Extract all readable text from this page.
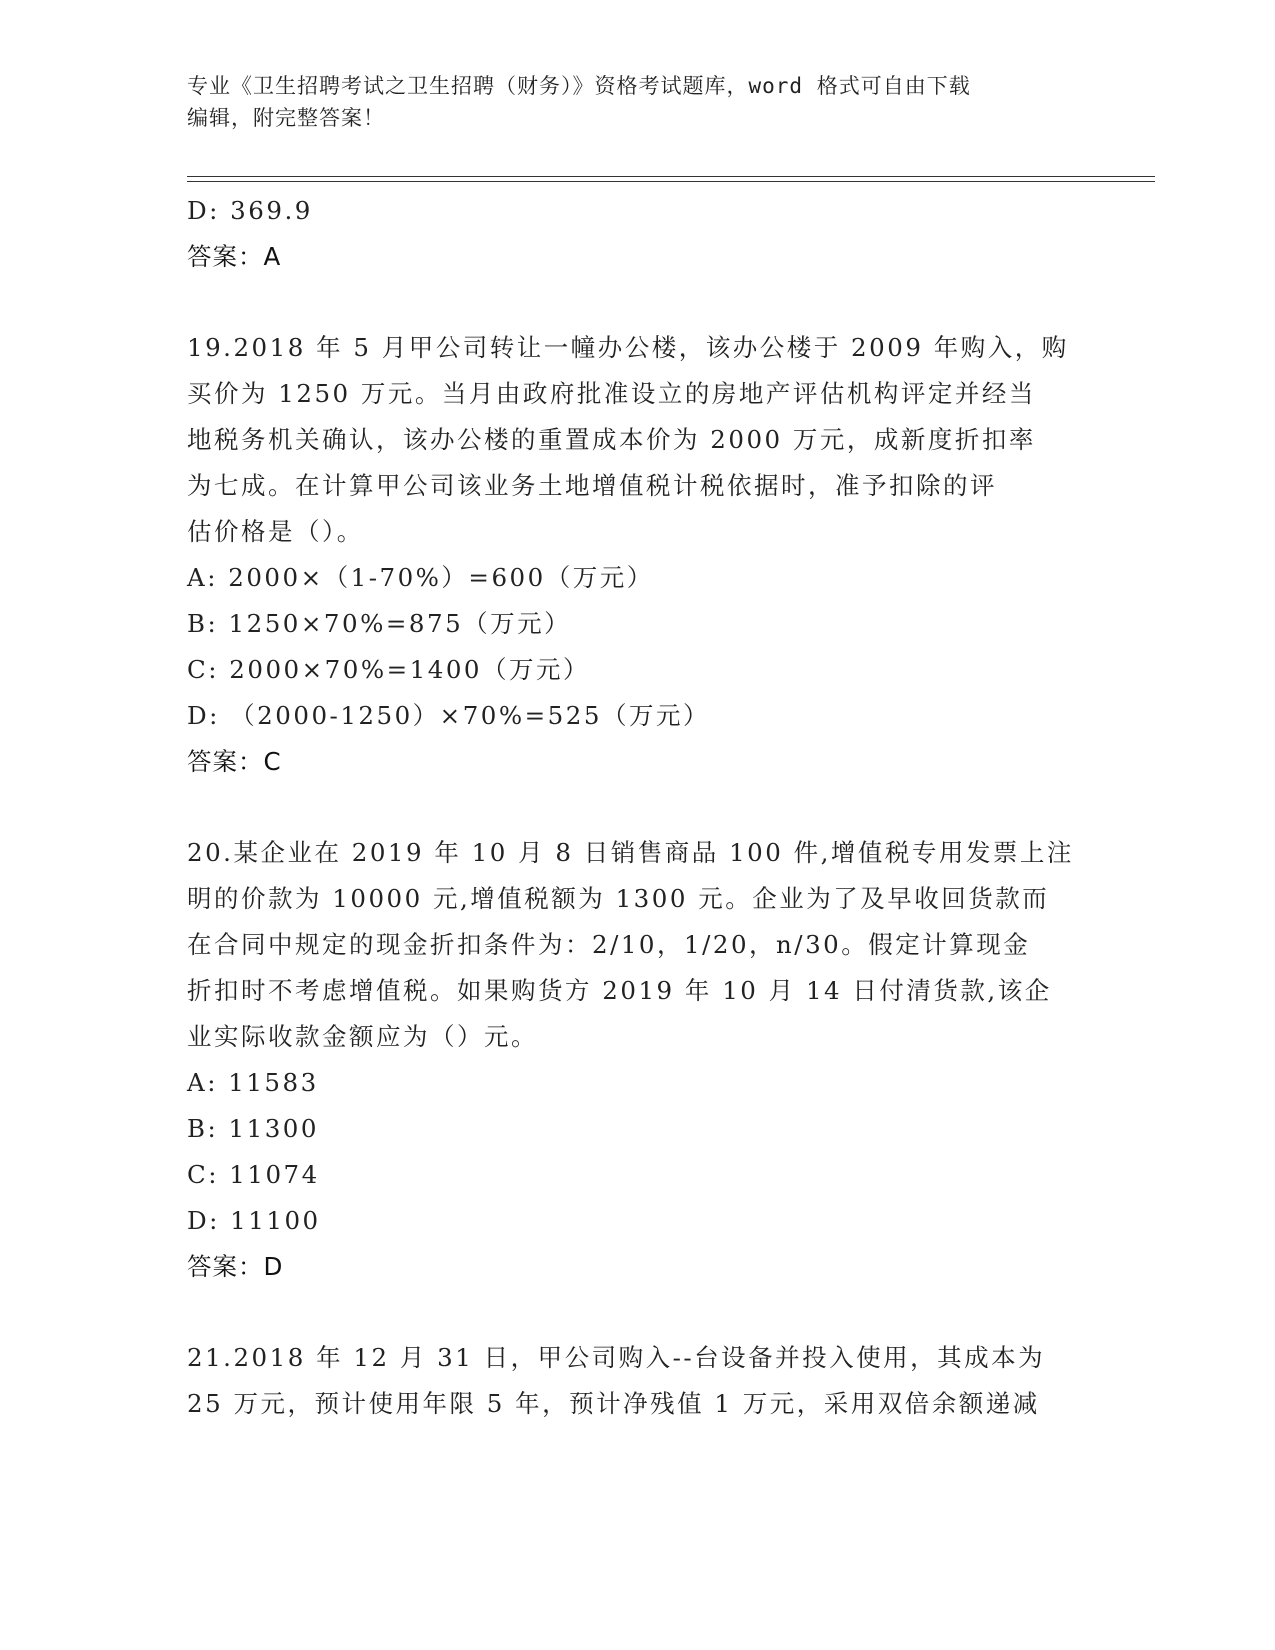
专业《卫生招聘考试之卫生招聘（财务）》资格考试题库，word 格式可自由下载
编辑，附完整答案！
D: 369.9
答案：A
19.2018 年 5 月甲公司转让一幢办公楼，该办公楼于 2009 年购入，购
买价为 1250 万元。当月由政府批准设立的房地产评估机构评定并经当
地税务机关确认，该办公楼的重置成本价为 2000 万元，成新度折扣率
为七成。在计算甲公司该业务土地增值税计税依据时，准予扣除的评
估价格是（）。
A: 2000×（1-70%）=600（万元）
B: 1250×70%=875（万元）
C: 2000×70%=1400（万元）
D: （2000-1250）×70%=525（万元）
答案：C
20.某企业在 2019 年 10 月 8 日销售商品 100 件,增值税专用发票上注
明的价款为 10000 元,增值税额为 1300 元。企业为了及早收回货款而
在合同中规定的现金折扣条件为：2/10，1/20，n/30。假定计算现金
折扣时不考虑增值税。如果购货方 2019 年 10 月 14 日付清货款,该企
业实际收款金额应为（）元。
A: 11583
B: 11300
C: 11074
D: 11100
答案：D
21.2018 年 12 月 31 日，甲公司购入--台设备并投入使用，其成本为
25 万元，预计使用年限 5 年，预计净残值 1 万元，采用双倍余额递减
